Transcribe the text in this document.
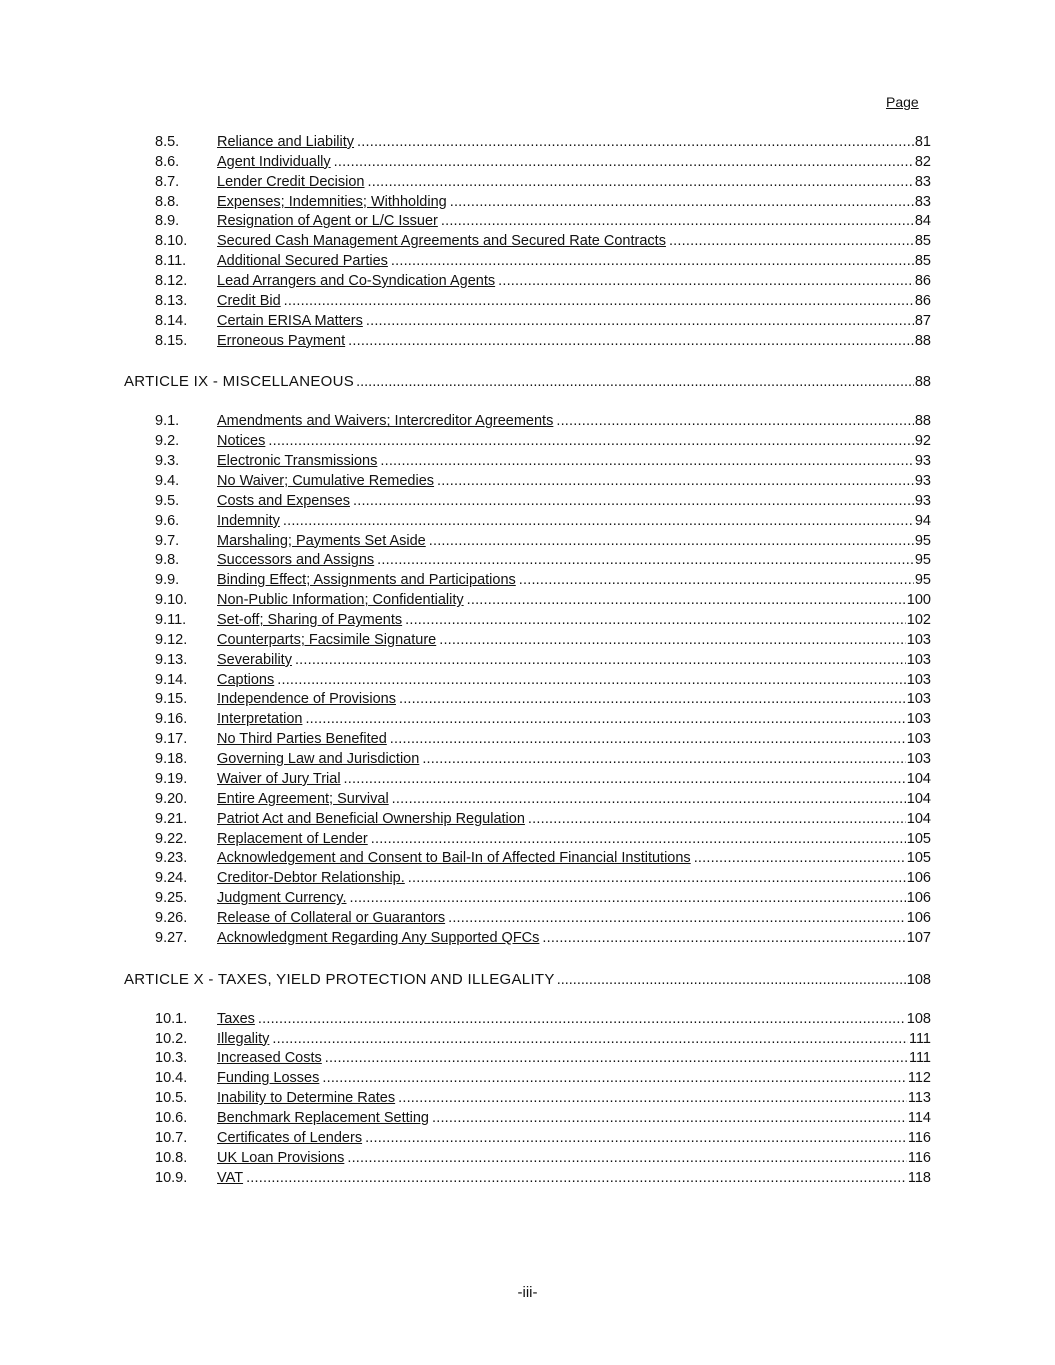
Page
8.5.	Reliance and Liability .....	81
8.6.	Agent Individually .....	82
8.7.	Lender Credit Decision .....	83
8.8.	Expenses; Indemnities; Withholding .....	83
8.9.	Resignation of Agent or L/C Issuer .....	84
8.10. Secured Cash Management Agreements and Secured Rate Contracts .....	85
8.11. Additional Secured Parties .....	85
8.12. Lead Arrangers and Co-Syndication Agents .....	86
8.13. Credit Bid .....	86
8.14. Certain ERISA Matters .....	87
8.15. Erroneous Payment .....	88
ARTICLE IX - MISCELLANEOUS .....	88
9.1.	Amendments and Waivers; Intercreditor Agreements .....	88
9.2.	Notices .....	92
9.3.	Electronic Transmissions .....	93
9.4.	No Waiver; Cumulative Remedies .....	93
9.5.	Costs and Expenses .....	93
9.6.	Indemnity .....	94
9.7.	Marshaling; Payments Set Aside .....	95
9.8.	Successors and Assigns .....	95
9.9.	Binding Effect; Assignments and Participations .....	95
9.10. Non-Public Information; Confidentiality .....	100
9.11. Set-off; Sharing of Payments .....	102
9.12. Counterparts; Facsimile Signature .....	103
9.13. Severability .....	103
9.14. Captions .....	103
9.15. Independence of Provisions .....	103
9.16. Interpretation .....	103
9.17. No Third Parties Benefited .....	103
9.18. Governing Law and Jurisdiction .....	103
9.19. Waiver of Jury Trial .....	104
9.20. Entire Agreement; Survival .....	104
9.21. Patriot Act and Beneficial Ownership Regulation .....	104
9.22. Replacement of Lender .....	105
9.23. Acknowledgement and Consent to Bail-In of Affected Financial Institutions .....	105
9.24. Creditor-Debtor Relationship. .....	106
9.25. Judgment Currency. .....	106
9.26. Release of Collateral or Guarantors .....	106
9.27. Acknowledgment Regarding Any Supported QFCs .....	107
ARTICLE X - TAXES, YIELD PROTECTION AND ILLEGALITY .....	108
10.1. Taxes .....	108
10.2. Illegality .....	111
10.3. Increased Costs .....	111
10.4. Funding Losses .....	112
10.5. Inability to Determine Rates .....	113
10.6. Benchmark Replacement Setting .....	114
10.7. Certificates of Lenders .....	116
10.8. UK Loan Provisions .....	116
10.9. VAT .....	118
-iii-
